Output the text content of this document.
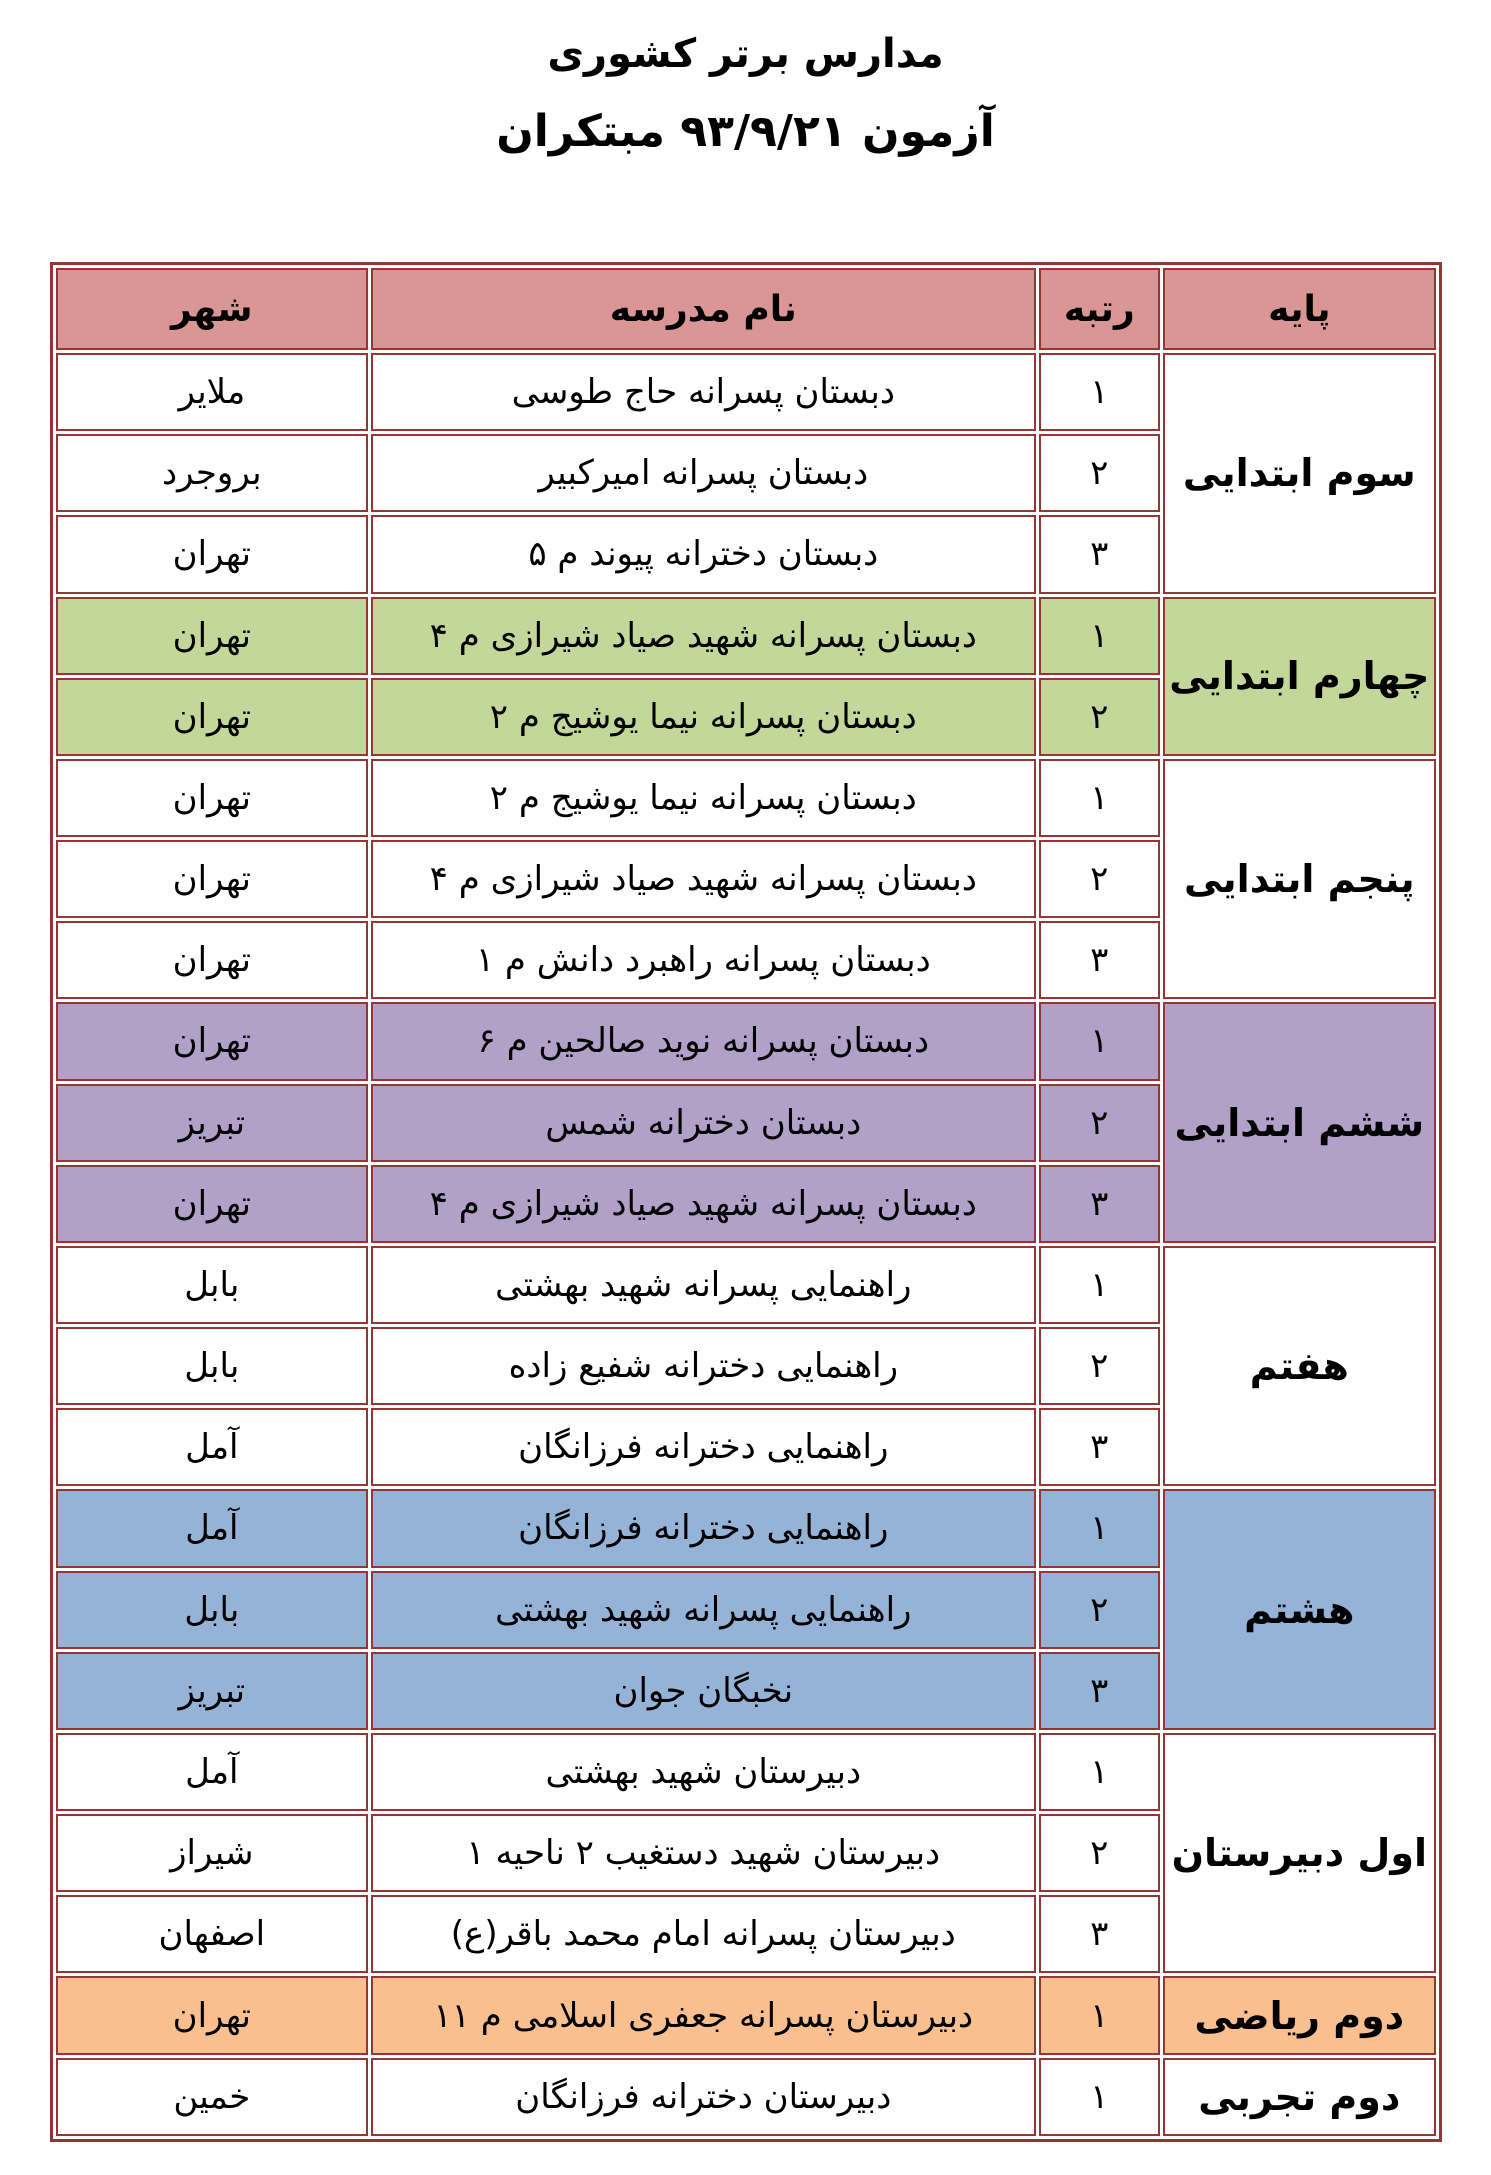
مدارس برتر کشوری
آزمون ۹۳/۹/۲۱ مبتکران
پایه	رتبه	نام مدرسه	شهر
سوم ابتدایی	۱	دبستان پسرانه حاج طوسی	ملایر
	۲	دبستان پسرانه امیرکبیر	بروجرد
	۳	دبستان دخترانه پیوند م ۵	تهران
چهارم ابتدایی	۱	دبستان پسرانه شهید صیاد شیرازی م ۴	تهران
	۲	دبستان پسرانه نیما یوشیج م ۲	تهران
پنجم ابتدایی	۱	دبستان پسرانه نیما یوشیج م ۲	تهران
	۲	دبستان پسرانه شهید صیاد شیرازی م ۴	تهران
	۳	دبستان پسرانه راهبرد دانش م ۱	تهران
ششم ابتدایی	۱	دبستان پسرانه نوید صالحین م ۶	تهران
	۲	دبستان دخترانه شمس	تبریز
	۳	دبستان پسرانه شهید صیاد شیرازی م ۴	تهران
هفتم	۱	راهنمایی پسرانه شهید بهشتی	بابل
	۲	راهنمایی دخترانه شفیع زاده	بابل
	۳	راهنمایی دخترانه فرزانگان	آمل
هشتم	۱	راهنمایی دخترانه فرزانگان	آمل
	۲	راهنمایی پسرانه شهید بهشتی	بابل
	۳	نخبگان جوان	تبریز
اول دبیرستان	۱	دبیرستان شهید بهشتی	آمل
	۲	دبیرستان شهید دستغیب ۲ ناحیه ۱	شیراز
	۳	دبیرستان پسرانه امام محمد باقر(ع)	اصفهان
دوم ریاضی	۱	دبیرستان پسرانه جعفری اسلامی م ۱۱	تهران
دوم تجربی	۱	دبیرستان دخترانه فرزانگان	خمین
